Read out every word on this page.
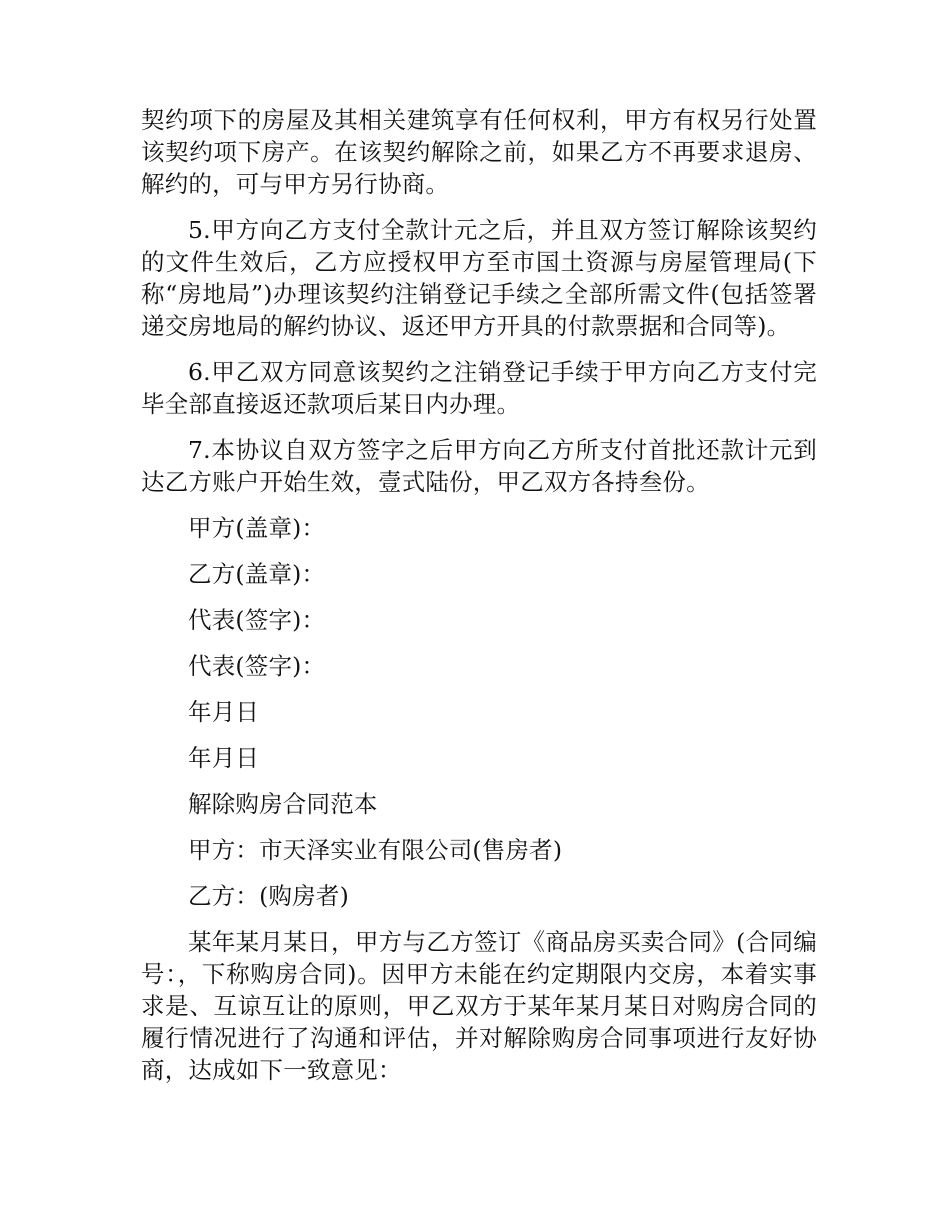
契约项下的房屋及其相关建筑享有任何权利，甲方有权另行处置该契约项下房产。在该契约解除之前，如果乙方不再要求退房、解约的，可与甲方另行协商。

5.甲方向乙方支付全款计元之后，并且双方签订解除该契约的文件生效后，乙方应授权甲方至市国土资源与房屋管理局(下称“房地局”)办理该契约注销登记手续之全部所需文件(包括签署递交房地局的解约协议、返还甲方开具的付款票据和合同等)。

6.甲乙双方同意该契约之注销登记手续于甲方向乙方支付完毕全部直接返还款项后某日内办理。

7.本协议自双方签字之后甲方向乙方所支付首批还款计元到达乙方账户开始生效，壹式陆份，甲乙双方各持叁份。

甲方(盖章)：
乙方(盖章)：
代表(签字)：
代表(签字)：
年月日
年月日
解除购房合同范本
甲方：市天泽实业有限公司(售房者)
乙方：(购房者)

某年某月某日，甲方与乙方签订《商品房买卖合同》(合同编号：，下称购房合同)。因甲方未能在约定期限内交房，本着实事求是、互谅互让的原则，甲乙双方于某年某月某日对购房合同的履行情况进行了沟通和评估，并对解除购房合同事项进行友好协商，达成如下一致意见：
